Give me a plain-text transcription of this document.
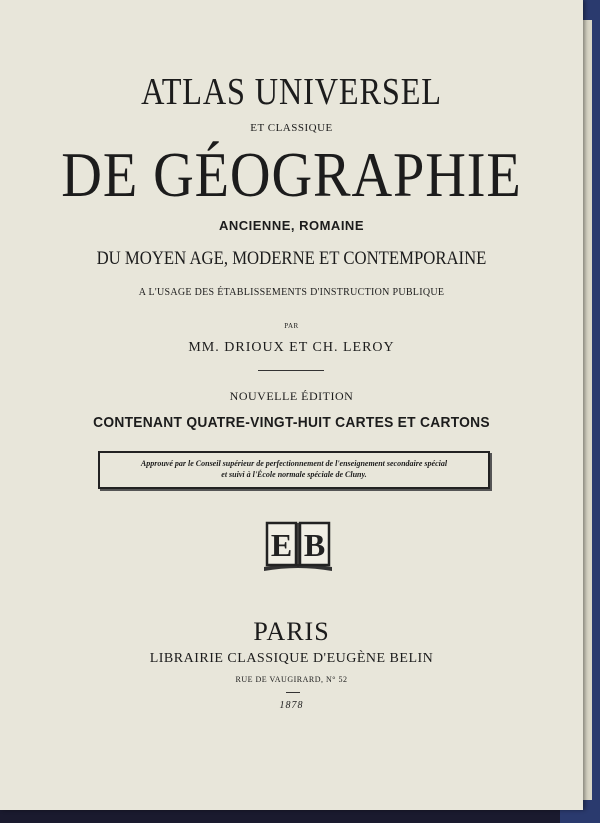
ATLAS UNIVERSEL
ET CLASSIQUE
DE GÉOGRAPHIE
ANCIENNE, ROMAINE
DU MOYEN AGE, MODERNE ET CONTEMPORAINE
A L'USAGE DES ÉTABLISSEMENTS D'INSTRUCTION PUBLIQUE
PAR
MM. DRIOUX ET CH. LEROY
NOUVELLE ÉDITION
CONTENANT QUATRE-VINGT-HUIT CARTES ET CARTONS
Approuvé par le Conseil supérieur de perfectionnement de l'enseignement secondaire spécial
et suivi à l'École normale spéciale de Cluny.
E B
PARIS
LIBRAIRIE CLASSIQUE D'EUGÈNE BELIN
RUE DE VAUGIRARD, N° 52
1878
